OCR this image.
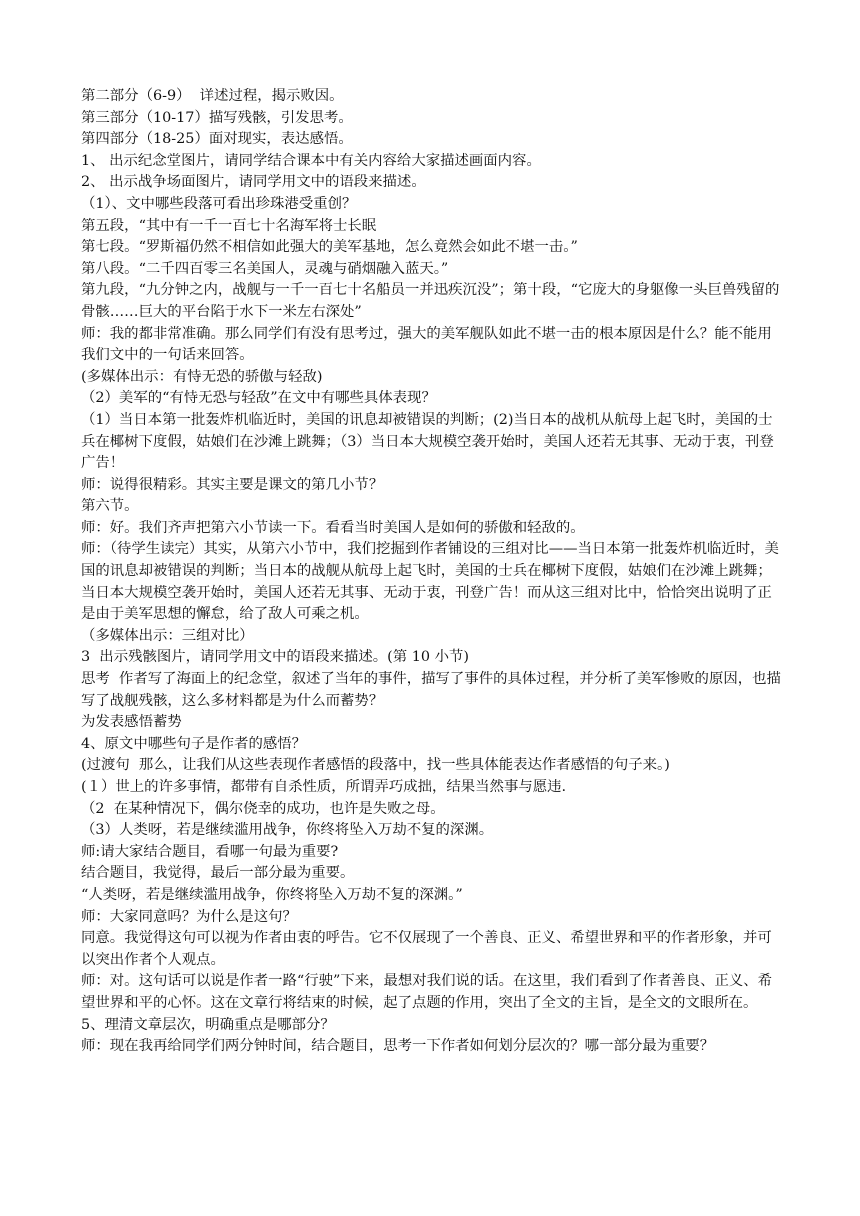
第二部分（6-9）  详述过程，揭示败因。
第三部分（10-17）描写残骸，引发思考。
第四部分（18-25）面对现实，表达感悟。
1、 出示纪念堂图片，请同学结合课本中有关内容给大家描述画面内容。
2、 出示战争场面图片，请同学用文中的语段来描述。
（1）、文中哪些段落可看出珍珠港受重创？
第五段，“其中有一千一百七十名海军将士长眠
第七段。“罗斯福仍然不相信如此强大的美军基地，怎么竟然会如此不堪一击。”
第八段。“二千四百零三名美国人，灵魂与硝烟融入蓝天。”
第九段，“九分钟之内，战舰与一千一百七十名船员一并迅疾沉没”；第十段，“它庞大的身躯像一头巨兽残留的骨骸……巨大的平台陷于水下一米左右深处”
师：我的都非常准确。那么同学们有没有思考过，强大的美军舰队如此不堪一击的根本原因是什么？能不能用我们文中的一句话来回答。
(多媒体出示：有恃无恐的骄傲与轻敌)
（2）美军的“有恃无恐与轻敌”在文中有哪些具体表现？
（1）当日本第一批轰炸机临近时，美国的讯息却被错误的判断；(2)当日本的战机从航母上起飞时，美国的士兵在椰树下度假，姑娘们在沙滩上跳舞；（3）当日本大规模空袭开始时，美国人还若无其事、无动于衷，刊登广告！
师：说得很精彩。其实主要是课文的第几小节？
第六节。
师：好。我们齐声把第六小节读一下。看看当时美国人是如何的骄傲和轻敌的。
师：（待学生读完）其实，从第六小节中，我们挖掘到作者铺设的三组对比——当日本第一批轰炸机临近时，美国的讯息却被错误的判断；当日本的战舰从航母上起飞时，美国的士兵在椰树下度假，姑娘们在沙滩上跳舞；当日本大规模空袭开始时，美国人还若无其事、无动于衷，刊登广告！而从这三组对比中，恰恰突出说明了正是由于美军思想的懈怠，给了敌人可乘之机。
（多媒体出示：三组对比）
3  出示残骸图片，请同学用文中的语段来描述。(第 10 小节)
思考  作者写了海面上的纪念堂，叙述了当年的事件，描写了事件的具体过程，并分析了美军惨败的原因，也描写了战舰残骸，这么多材料都是为什么而蓄势？
为发表感悟蓄势
4、原文中哪些句子是作者的感悟？
(过渡句  那么，让我们从这些表现作者感悟的段落中，找一些具体能表达作者感悟的句子来。)
(１）世上的许多事情，都带有自杀性质，所谓弄巧成拙，结果当然事与愿违.
（2  在某种情况下，偶尔侥幸的成功，也许是失败之母。
（3）人类呀，若是继续滥用战争，你终将坠入万劫不复的深渊。
师:请大家结合题目，看哪一句最为重要?
结合题目，我觉得，最后一部分最为重要。
“人类呀，若是继续滥用战争，你终将坠入万劫不复的深渊。”
师：大家同意吗？为什么是这句？
同意。我觉得这句可以视为作者由衷的呼告。它不仅展现了一个善良、正义、希望世界和平的作者形象，并可以突出作者个人观点。
师：对。这句话可以说是作者一路“行驶”下来，最想对我们说的话。在这里，我们看到了作者善良、正义、希望世界和平的心怀。这在文章行将结束的时候，起了点题的作用，突出了全文的主旨，是全文的文眼所在。
5、理清文章层次，明确重点是哪部分？
师：现在我再给同学们两分钟时间，结合题目，思考一下作者如何划分层次的？哪一部分最为重要？
